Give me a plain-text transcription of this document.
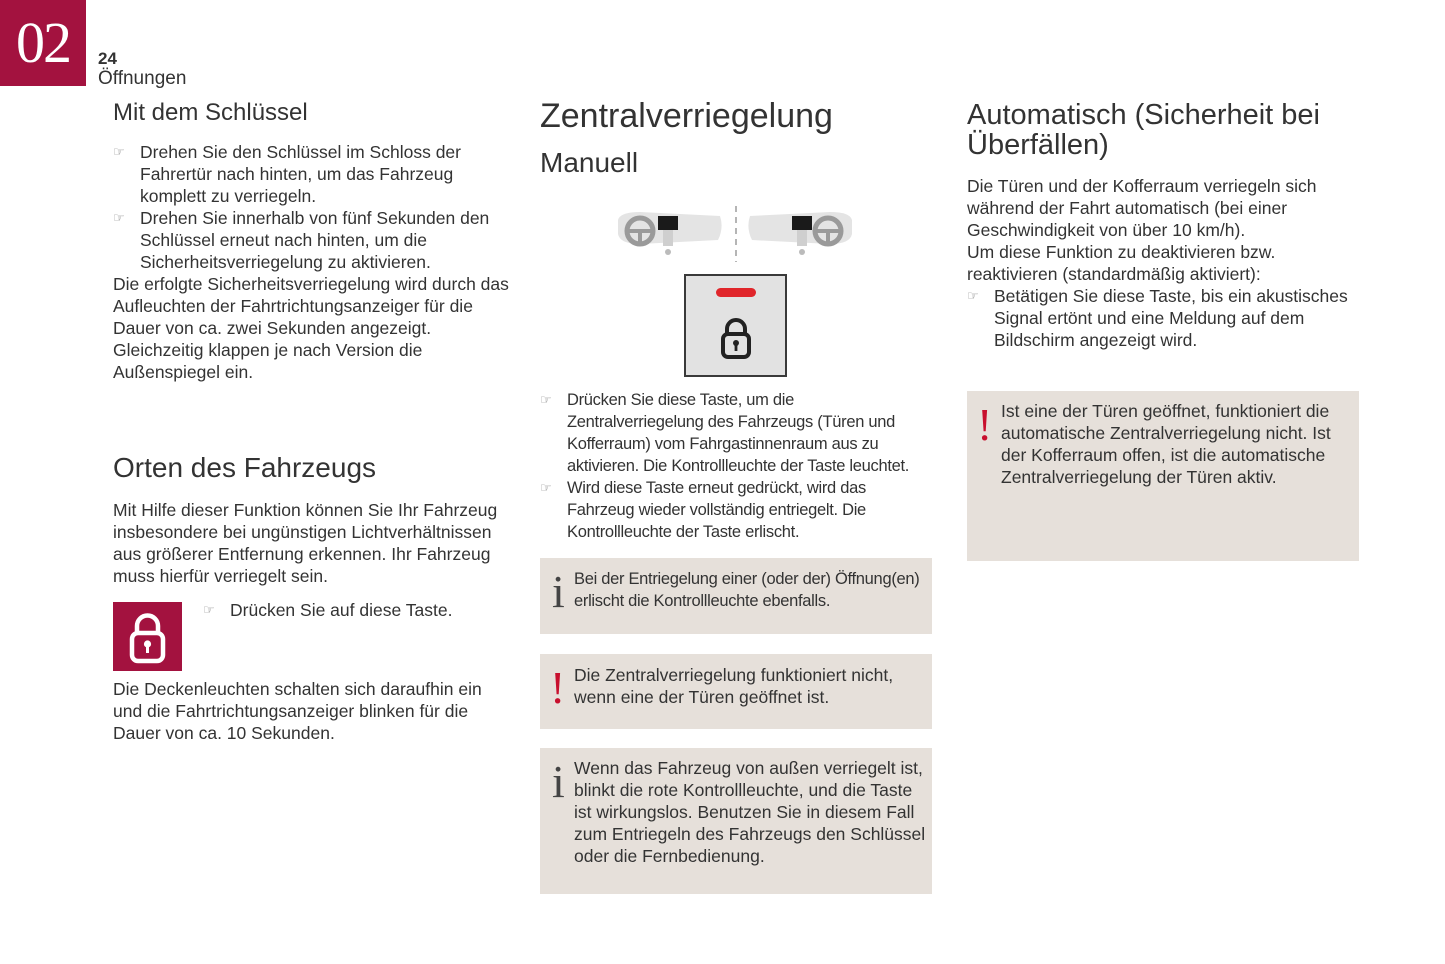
02	24
Öffnungen
Mit dem Schlüssel
☞ Drehen Sie den Schlüssel im Schloss der Fahrertür nach hinten, um das Fahrzeug komplett zu verriegeln.
☞ Drehen Sie innerhalb von fünf Sekunden den Schlüssel erneut nach hinten, um die Sicherheitsverriegelung zu aktivieren.

Die erfolgte Sicherheitsverriegelung wird durch das Aufleuchten der Fahrtrichtungsanzeiger für die Dauer von ca. zwei Sekunden angezeigt. Gleichzeitig klappen je nach Version die Außenspiegel ein.

Orten des Fahrzeugs
Mit Hilfe dieser Funktion können Sie Ihr Fahrzeug insbesondere bei ungünstigen Lichtverhältnissen aus größerer Entfernung erkennen. Ihr Fahrzeug muss hierfür verriegelt sein.
☞ Drücken Sie auf diese Taste.
Die Deckenleuchten schalten sich daraufhin ein und die Fahrtrichtungsanzeiger blinken für die Dauer von ca. 10 Sekunden.
Zentralverriegelung
Manuell
☞ Drücken Sie diese Taste, um die Zentralverriegelung des Fahrzeugs (Türen und Kofferraum) vom Fahrgastinnenraum aus zu aktivieren. Die Kontrollleuchte der Taste leuchtet.
☞ Wird diese Taste erneut gedrückt, wird das Fahrzeug wieder vollständig entriegelt. Die Kontrollleuchte der Taste erlischt.
i Bei der Entriegelung einer (oder der) Öffnung(en) erlischt die Kontrollleuchte ebenfalls.
! Die Zentralverriegelung funktioniert nicht, wenn eine der Türen geöffnet ist.
i Wenn das Fahrzeug von außen verriegelt ist, blinkt die rote Kontrollleuchte, und die Taste ist wirkungslos. Benutzen Sie in diesem Fall zum Entriegeln des Fahrzeugs den Schlüssel oder die Fernbedienung.
Automatisch (Sicherheit bei Überfällen)

Die Türen und der Kofferraum verriegeln sich während der Fahrt automatisch (bei einer Geschwindigkeit von über 10 km/h).

Um diese Funktion zu deaktivieren bzw. reaktivieren (standardmäßig aktiviert):

☞ Betätigen Sie diese Taste, bis ein akustisches Signal ertönt und eine Meldung auf dem Bildschirm angezeigt wird.
! Ist eine der Türen geöffnet, funktioniert die automatische Zentralverriegelung nicht. Ist der Kofferraum offen, ist die automatische Zentralverriegelung der Türen aktiv.
